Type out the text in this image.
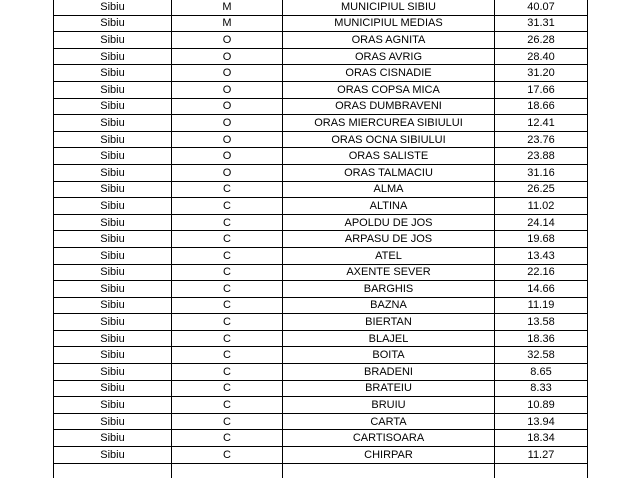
Sibiu	M	MUNICIPIUL SIBIU	40.07
Sibiu	M	MUNICIPIUL MEDIAS	31.31
Sibiu	O	ORAS AGNITA	26.28
Sibiu	O	ORAS AVRIG	28.40
Sibiu	O	ORAS CISNADIE	31.20
Sibiu	O	ORAS COPSA MICA	17.66
Sibiu	O	ORAS DUMBRAVENI	18.66
Sibiu	O	ORAS MIERCUREA SIBIULUI	12.41
Sibiu	O	ORAS OCNA SIBIULUI	23.76
Sibiu	O	ORAS SALISTE	23.88
Sibiu	O	ORAS TALMACIU	31.16
Sibiu	C	ALMA	26.25
Sibiu	C	ALTINA	11.02
Sibiu	C	APOLDU DE JOS	24.14
Sibiu	C	ARPASU DE JOS	19.68
Sibiu	C	ATEL	13.43
Sibiu	C	AXENTE SEVER	22.16
Sibiu	C	BARGHIS	14.66
Sibiu	C	BAZNA	11.19
Sibiu	C	BIERTAN	13.58
Sibiu	C	BLAJEL	18.36
Sibiu	C	BOITA	32.58
Sibiu	C	BRADENI	8.65
Sibiu	C	BRATEIU	8.33
Sibiu	C	BRUIU	10.89
Sibiu	C	CARTA	13.94
Sibiu	C	CARTISOARA	18.34
Sibiu	C	CHIRPAR	11.27
